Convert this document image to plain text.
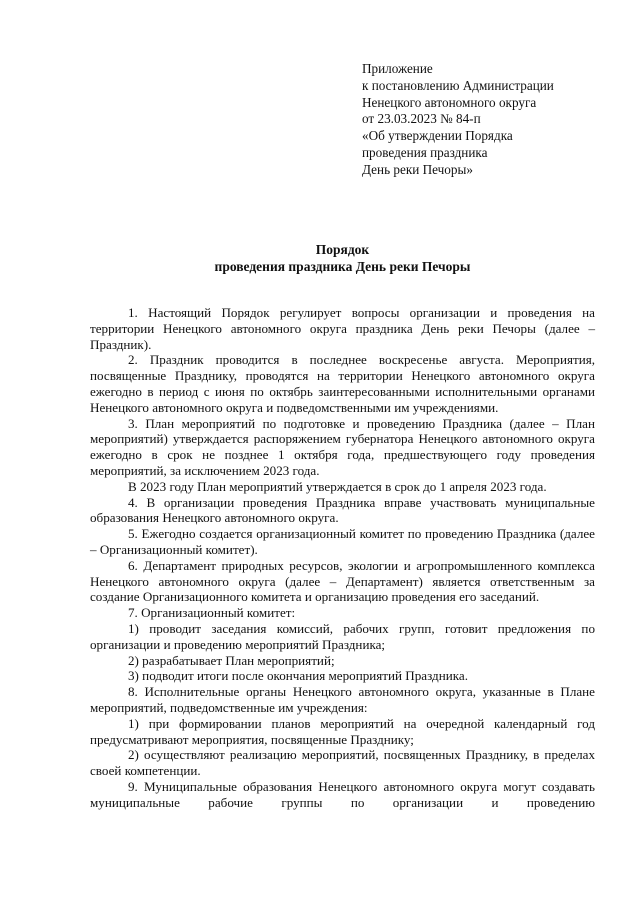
Приложение
к постановлению Администрации
Ненецкого автономного округа
от 23.03.2023 № 84-п
«Об утверждении Порядка
проведения праздника
День реки Печоры»
Порядок
проведения праздника День реки Печоры

1. Настоящий Порядок регулирует вопросы организации и проведения на территории Ненецкого автономного округа праздника День реки Печоры (далее – Праздник).

2. Праздник проводится в последнее воскресенье августа. Мероприятия, посвященные Празднику, проводятся на территории Ненецкого автономного округа ежегодно в период с июня по октябрь заинтересованными исполнительными органами Ненецкого автономного округа и подведомственными им учреждениями.

3. План мероприятий по подготовке и проведению Праздника (далее – План мероприятий) утверждается распоряжением губернатора Ненецкого автономного округа ежегодно в срок не позднее 1 октября года, предшествующего году проведения мероприятий, за исключением 2023 года.

В 2023 году План мероприятий утверждается в срок до 1 апреля 2023 года.

4. В организации проведения Праздника вправе участвовать муниципальные образования Ненецкого автономного округа.

5. Ежегодно создается организационный комитет по проведению Праздника (далее – Организационный комитет).

6. Департамент природных ресурсов, экологии и агропромышленного комплекса Ненецкого автономного округа (далее – Департамент) является ответственным за создание Организационного комитета и организацию проведения его заседаний.

7. Организационный комитет:

1) проводит заседания комиссий, рабочих групп, готовит предложения по организации и проведению мероприятий Праздника;

2) разрабатывает План мероприятий;

3) подводит итоги после окончания мероприятий Праздника.

8. Исполнительные органы Ненецкого автономного округа, указанные в Плане мероприятий, подведомственные им учреждения:

1) при формировании планов мероприятий на очередной календарный год предусматривают мероприятия, посвященные Празднику;

2) осуществляют реализацию мероприятий, посвященных Празднику, в пределах своей компетенции.

9. Муниципальные образования Ненецкого автономного округа могут создавать муниципальные рабочие группы по организации и проведению
